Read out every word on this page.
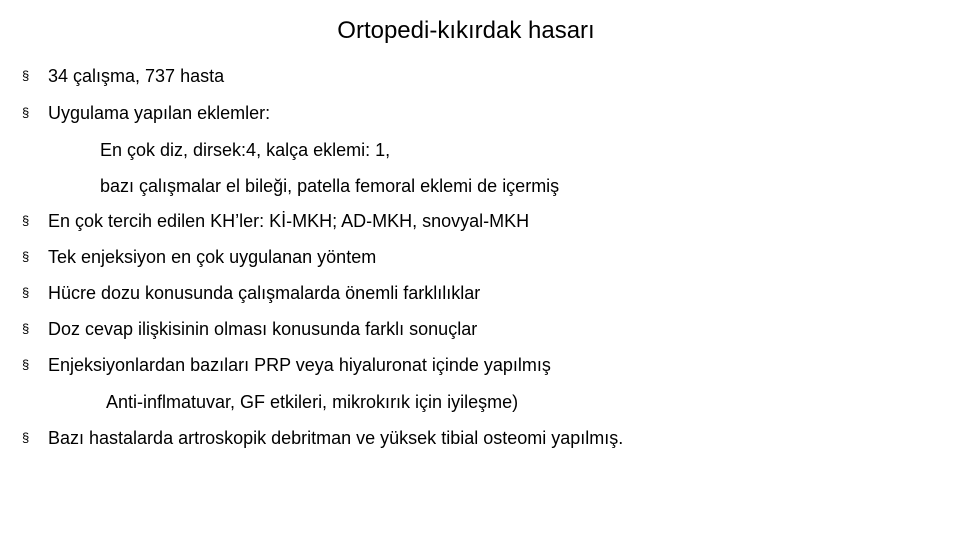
Ortopedi-kıkırdak hasarı
§ 34 çalışma, 737 hasta
§ Uygulama yapılan eklemler:
En çok diz, dirsek:4, kalça eklemi: 1,
bazı çalışmalar el bileği, patella femoral eklemi de içermiş
§ En çok tercih edilen KH’ler: Kİ-MKH; AD-MKH, snovyal-MKH
§ Tek enjeksiyon en çok uygulanan yöntem
§ Hücre dozu konusunda çalışmalarda önemli farklılıklar
§ Doz cevap ilişkisinin olması konusunda farklı sonuçlar
§ Enjeksiyonlardan bazıları PRP veya hiyaluronat içinde yapılmış
Anti-inflmatuvar, GF etkileri, mikrokırık için iyileşme)
§ Bazı hastalarda artroskopik debritman ve yüksek tibial osteomi yapılmış.
